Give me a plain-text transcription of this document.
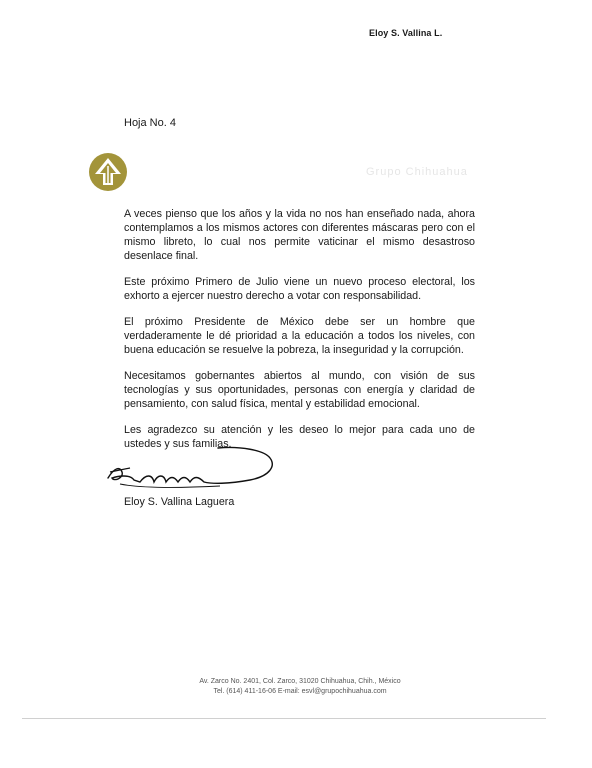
Eloy S. Vallina L.
Hoja No. 4
Grupo Chihuahua

A veces pienso que los años y la vida no nos han enseñado nada, ahora contemplamos a los mismos actores con diferentes máscaras pero con el mismo libreto, lo cual nos permite vaticinar el mismo desastroso desenlace final.

Este próximo Primero de Julio viene un nuevo proceso electoral, los exhorto a ejercer nuestro derecho a votar con responsabilidad.

El próximo Presidente de México debe ser un hombre que verdaderamente le dé prioridad a la educación a todos los niveles, con buena educación se resuelve la pobreza, la inseguridad y la corrupción.

Necesitamos gobernantes abiertos al mundo, con visión de sus tecnologías y sus oportunidades, personas con energía y claridad de pensamiento, con salud física, mental y estabilidad emocional.

Les agradezco su atención y les deseo lo mejor para cada uno de ustedes y sus familias.

Eloy S. Vallina Laguera
Av. Zarco No. 2401, Col. Zarco, 31020 Chihuahua, Chih., México
Tel. (614) 411-16-06 E-mail: esvl@grupochihuahua.com
